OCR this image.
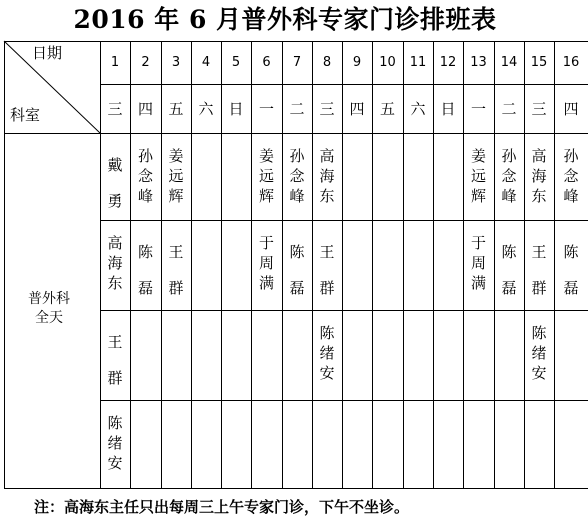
2016 年 6 月普外科专家门诊排班表
日期
科室
1
三
2
四
3
五
4
六
5
日
6
一
7
二
8
三
9
四
10
五
11
六
12
日
13
一
14
二
15
三
16
四
普外科
全天
戴勇
孙念峰
姜远辉
姜远辉
孙念峰
高海东
姜远辉
孙念峰
高海东
孙念峰
高海东
陈磊
王群
于周满
陈磊
王群
于周满
陈磊
王群
陈磊
王群
陈绪安
陈绪安
陈绪安
注：高海东主任只出每周三上午专家门诊，下午不坐诊。
